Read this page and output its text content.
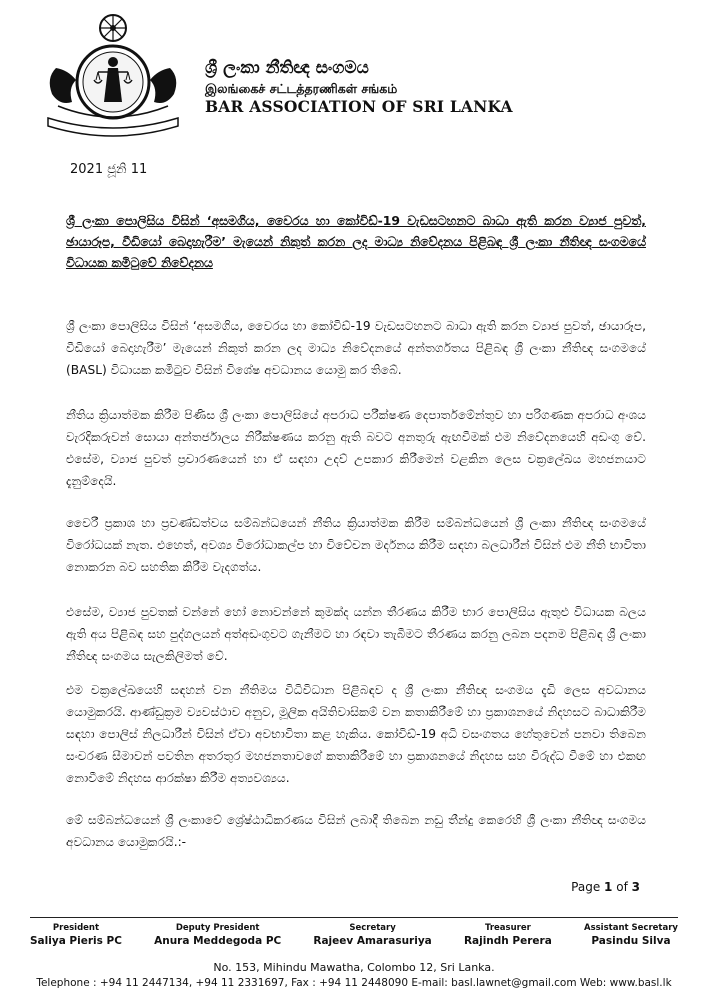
ශ්‍රී ලංකා නීතිඥ සංගමය
இலங்கைச் சட்டத்தரணிகள் சங்கம்
BAR ASSOCIATION OF SRI LANKA
2021 ජූනි 11
ශ්‍රී ලංකා පොලිසිය විසින් ‘අසමගිය, වෛරය හා කෝවිඩ්-19 වැඩසටහනට බාධා ඇති කරන ව්‍යාජ පුවත්, ඡායාරූප, වීඩියෝ බෙදාහැරීම’ මැයෙන් නිකුත් කරන ලද මාධ්‍ය නිවේදනය පිළිබඳ ශ්‍රී ලංකා නීතිඥ සංගමයේ විධායක කමිටුවේ නිවේදනය
ශ්‍රී ලංකා පොලිසිය විසින් ‘අසමගිය, වෛරය හා කෝවිඩ්-19 වැඩසටහනට බාධා ඇති කරන ව්‍යාජ පුවත්, ඡායාරූප, වීඩියෝ බෙදාහැරීම’ මැයෙන් නිකුත් කරන ලද මාධ්‍ය නිවේදනයේ අන්තර්ගතය පිළිබඳ ශ්‍රී ලංකා නීතිඥ සංගමයේ (BASL) විධායක කමිටුව විසින් විශේෂ අවධානය යොමු කර තිබේ.
නීතිය ක්‍රියාත්මක කිරීම පිණිස ශ්‍රී ලංකා පොලිසියේ අපරාධ පරීක්ෂණ දෙපාර්තමේන්තුව හා පරිගණක අපරාධ අංශය වැරදිකරුවන් සොයා අන්තර්ජාලය නිරීක්ෂණය කරනු ඇති බවට අනතුරු ඇඟවීමක් එම නිවේදනයෙහි අඩංගු වේ. එසේම, ව්‍යාජ පුවත් ප්‍රචාරණයෙන් හා ඒ සඳහා උදව් උපකාර කිරීමෙන් වළකින ලෙස චක්‍රලේඛය මහජනයාට දැනුම්දෙයි.
වෛරී ප්‍රකාශ හා ප්‍රචණ්ඩත්වය සම්බන්ධයෙන් නීතිය ක්‍රියාත්මක කිරීම සම්බන්ධයෙන් ශ්‍රී ලංකා නීතිඥ සංගමයේ විරෝධයක් නැත. එහෙත්, අවශ්‍ය විරෝධාකල්ප හා විවේචන මර්දනය කිරීම සඳහා බලධාරීන් විසින් එම නීති භාවිතා නොකරන බව සහතික කිරීම වැදගත්ය.
එසේම, ව්‍යාජ පුවතක් වන්නේ හෝ නොවන්නේ කුමක්ද යන්න තීරණය කිරීම භාර පොලිසිය ඇතුළු විධායක බලය ඇති අය පිළිබඳ සහ පුද්ගලයන් අත්අඩංගුවට ගැනීමට හා රඳවා තැබීමට තීරණය කරනු ලබන පදනම පිළිබඳ ශ්‍රී ලංකා නීතිඥ සංගමය සැලකිලිමත් වේ.
එම චක්‍රලේඛයෙහි සඳහන් වන නීතිමය විධිවිධාන පිළිබඳව ද ශ්‍රී ලංකා නීතිඥ සංගමය දැඩි ලෙස අවධානය යොමුකරයි. ආණ්ඩුක්‍රම ව්‍යවස්ථාව අනුව, මූලික අයිතිවාසිකම් වන කතාකිරීමේ හා ප්‍රකාශනයේ නිදහසට බාධාකිරීම සඳහා පොලිස් නිලධාරීන් විසින් ඒවා අවභාවිතා කළ හැකිය. කෝවිඩ්-19 අධි වසංගතය හේතුවෙන් පනවා තිබෙන සංචරණ සීමාවන් පවතින අතරතුර මහජනතාවගේ කතාකිරීමේ හා ප්‍රකාශනයේ නිදහස සහ විරුද්ධ වීමේ හා එකඟ නොවීමේ නිදහස ආරක්ෂා කිරීම අත්‍යවශ්‍යය.
මේ සම්බන්ධයෙන් ශ්‍රී ලංකාවේ ශ්‍රේෂ්ඨාධිකරණය විසින් ලබාදී තිබෙන නඩු තීන්දු කෙරෙහි ශ්‍රී ලංකා නීතිඥ සංගමය අවධානය යොමුකරයි.:-
Page 1 of 3
President
Saliya Pieris PC
Deputy President
Anura Meddegoda PC
Secretary
Rajeev Amarasuriya
Treasurer
Rajindh Perera
Assistant Secretary
Pasindu Silva
No. 153, Mihindu Mawatha, Colombo 12, Sri Lanka.
Telephone : +94 11 2447134, +94 11 2331697, Fax : +94 11 2448090 E-mail: basl.lawnet@gmail.com Web: www.basl.lk
